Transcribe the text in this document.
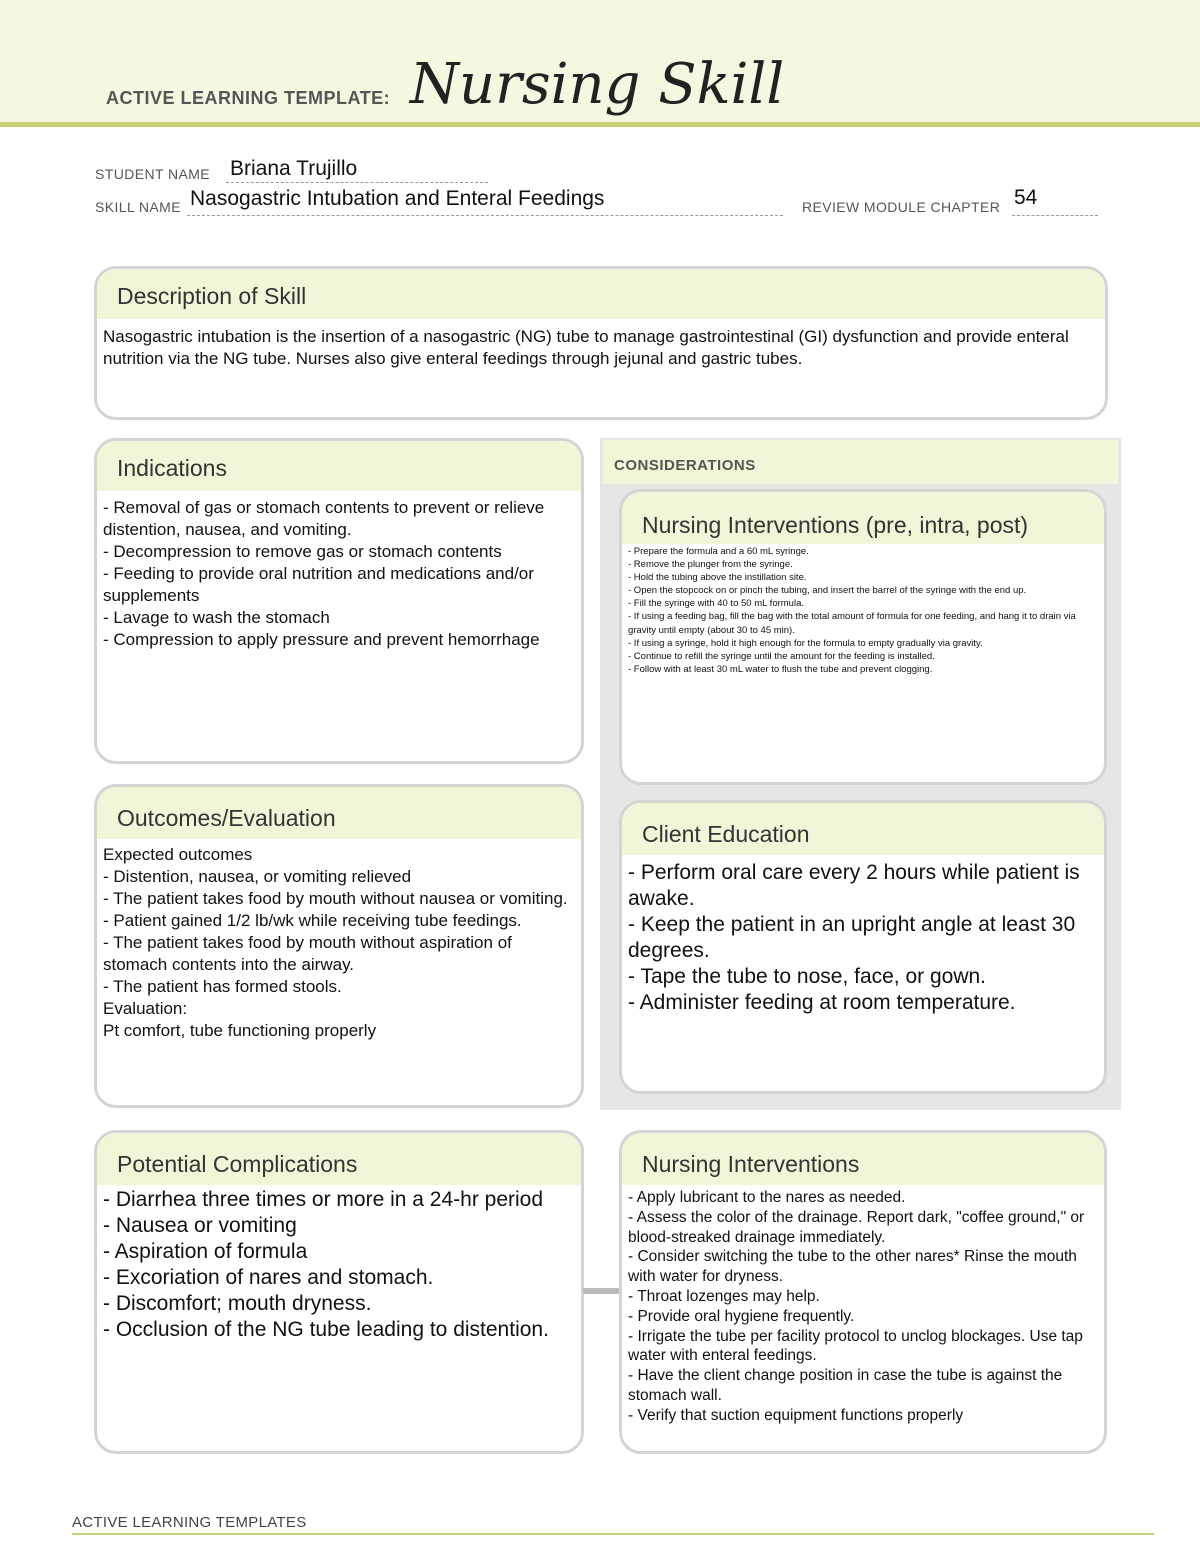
ACTIVE LEARNING TEMPLATE: Nursing Skill
STUDENT NAME Briana Trujillo
SKILL NAME Nasogastric Intubation and Enteral Feedings	REVIEW MODULE CHAPTER 54
Description of Skill
Nasogastric intubation is the insertion of a nasogastric (NG) tube to manage gastrointestinal (GI) dysfunction and provide enteral nutrition via the NG tube. Nurses also give enteral feedings through jejunal and gastric tubes.
CONSIDERATIONS
Indications
- Removal of gas or stomach contents to prevent or relieve distention, nausea, and vomiting.
- Decompression to remove gas or stomach contents
- Feeding to provide oral nutrition and medications and/or supplements
- Lavage to wash the stomach
- Compression to apply pressure and prevent hemorrhage
Nursing Interventions (pre, intra, post)
- Prepare the formula and a 60 mL syringe.
- Remove the plunger from the syringe.
- Hold the tubing above the instillation site.
- Open the stopcock on or pinch the tubing, and insert the barrel of the syringe with the end up.
- Fill the syringe with 40 to 50 mL formula.
- If using a feeding bag, fill the bag with the total amount of formula for one feeding, and hang it to drain via gravity until empty (about 30 to 45 min).
- If using a syringe, hold it high enough for the formula to empty gradually via gravity.
- Continue to refill the syringe until the amount for the feeding is installed.
- Follow with at least 30 mL water to flush the tube and prevent clogging.
Outcomes/Evaluation
Expected outcomes
- Distention, nausea, or vomiting relieved
- The patient takes food by mouth without nausea or vomiting.
- Patient gained 1/2 lb/wk while receiving tube feedings.
- The patient takes food by mouth without aspiration of stomach contents into the airway.
- The patient has formed stools.
Evaluation:
Pt comfort, tube functioning properly
Client Education
- Perform oral care every 2 hours while patient is awake.
- Keep the patient in an upright angle at least 30 degrees.
- Tape the tube to nose, face, or gown.
- Administer feeding at room temperature.
Potential Complications
- Diarrhea three times or more in a 24-hr period
- Nausea or vomiting
- Aspiration of formula
- Excoriation of nares and stomach.
- Discomfort; mouth dryness.
- Occlusion of the NG tube leading to distention.
Nursing Interventions
- Apply lubricant to the nares as needed.
- Assess the color of the drainage. Report dark, "coffee ground," or blood-streaked drainage immediately.
- Consider switching the tube to the other nares* Rinse the mouth with water for dryness.
- Throat lozenges may help.
- Provide oral hygiene frequently.
- Irrigate the tube per facility protocol to unclog blockages. Use tap water with enteral feedings.
- Have the client change position in case the tube is against the stomach wall.
- Verify that suction equipment functions properly
ACTIVE LEARNING TEMPLATES
